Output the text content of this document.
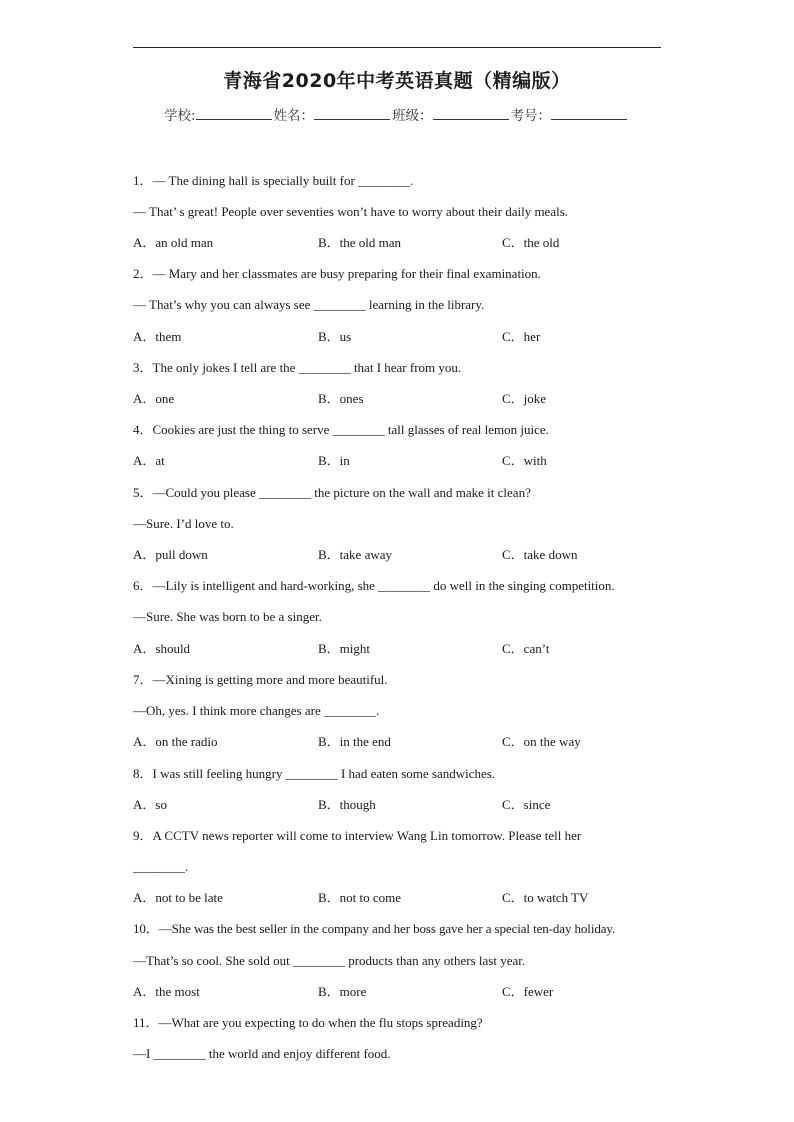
青海省2020年中考英语真题（精编版）
学校:	姓名：	班级：	考号：
1．— The dining hall is specially built for ________.
— That’ s great! People over seventies won’t have to worry about their daily meals.
A．an old man	B．the old man	C．the old
2．— Mary and her classmates are busy preparing for their final examination.
— That’s why you can always see ________ learning in the library.
A．them	B．us	C．her
3．The only jokes I tell are the ________ that I hear from you.
A．one	B．ones	C．joke
4．Cookies are just the thing to serve ________ tall glasses of real lemon juice.
A．at	B．in	C．with
5．—Could you please ________ the picture on the wall and make it clean?
—Sure. I’d love to.
A．pull down	B．take away	C．take down
6．—Lily is intelligent and hard-working, she ________ do well in the singing competition.
—Sure. She was born to be a singer.
A．should	B．might	C．can’t
7．—Xining is getting more and more beautiful.
—Oh, yes. I think more changes are ________.
A．on the radio	B．in the end	C．on the way
8．I was still feeling hungry ________ I had eaten some sandwiches.
A．so	B．though	C．since
9．A CCTV news reporter will come to interview Wang Lin tomorrow. Please tell her
________.
A．not to be late	B．not to come	C．to watch TV
10．—She was the best seller in the company and her boss gave her a special ten-day holiday.
—That’s so cool. She sold out ________ products than any others last year.
A．the most	B．more	C．fewer
11．—What are you expecting to do when the flu stops spreading?
—I ________ the world and enjoy different food.
